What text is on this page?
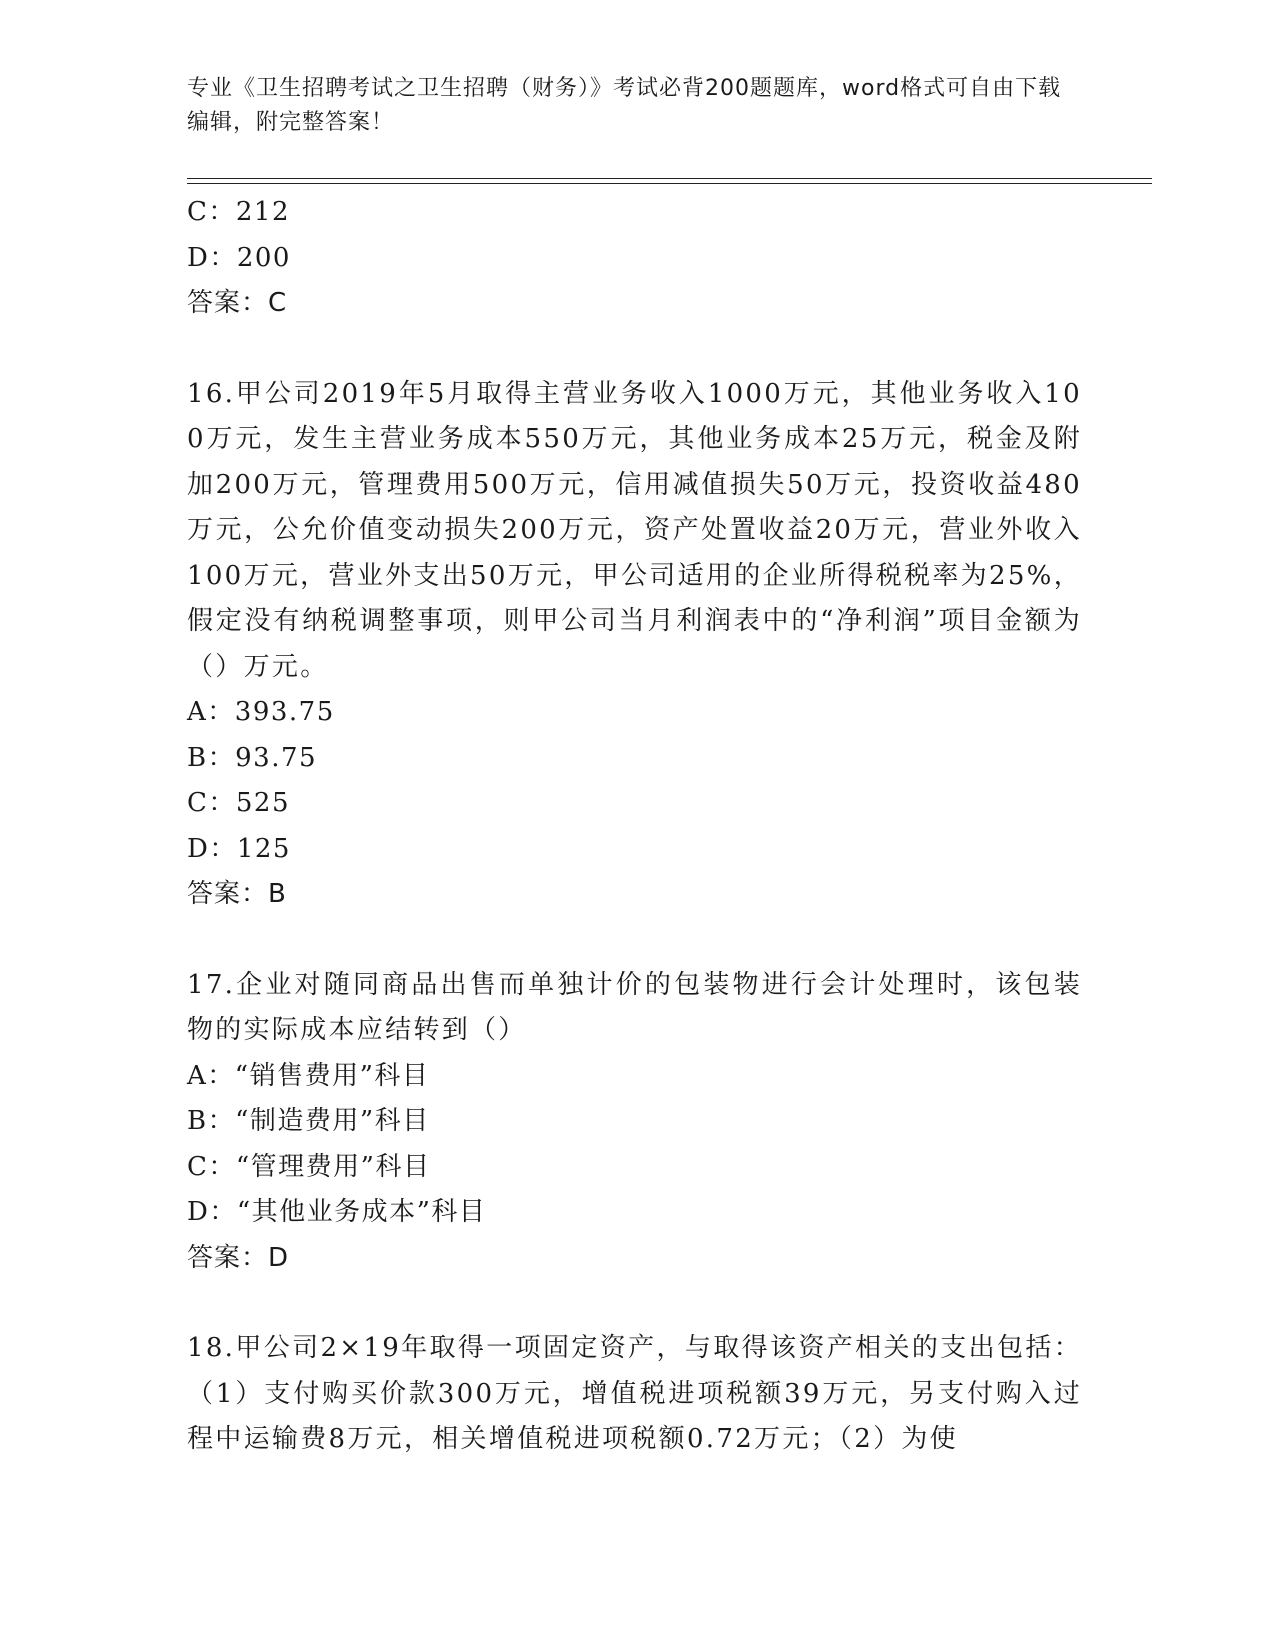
专业《卫生招聘考试之卫生招聘（财务）》考试必背200题题库，word格式可自由下载编辑，附完整答案！
C：212
D：200
答案：C
16.甲公司2019年5月取得主营业务收入1000万元，其他业务收入100万元，发生主营业务成本550万元，其他业务成本25万元，税金及附加200万元，管理费用500万元，信用减值损失50万元，投资收益480万元，公允价值变动损失200万元，资产处置收益20万元，营业外收入100万元，营业外支出50万元，甲公司适用的企业所得税税率为25%，假定没有纳税调整事项，则甲公司当月利润表中的“净利润”项目金额为（）万元。
A：393.75
B：93.75
C：525
D：125
答案：B
17.企业对随同商品出售而单独计价的包装物进行会计处理时，该包装物的实际成本应结转到（）
A：“销售费用”科目
B：“制造费用”科目
C：“管理费用”科目
D：“其他业务成本”科目
答案：D
18.甲公司2×19年取得一项固定资产，与取得该资产相关的支出包括：（1）支付购买价款300万元，增值税进项税额39万元，另支付购入过程中运输费8万元，相关增值税进项税额0.72万元；（2）为使
